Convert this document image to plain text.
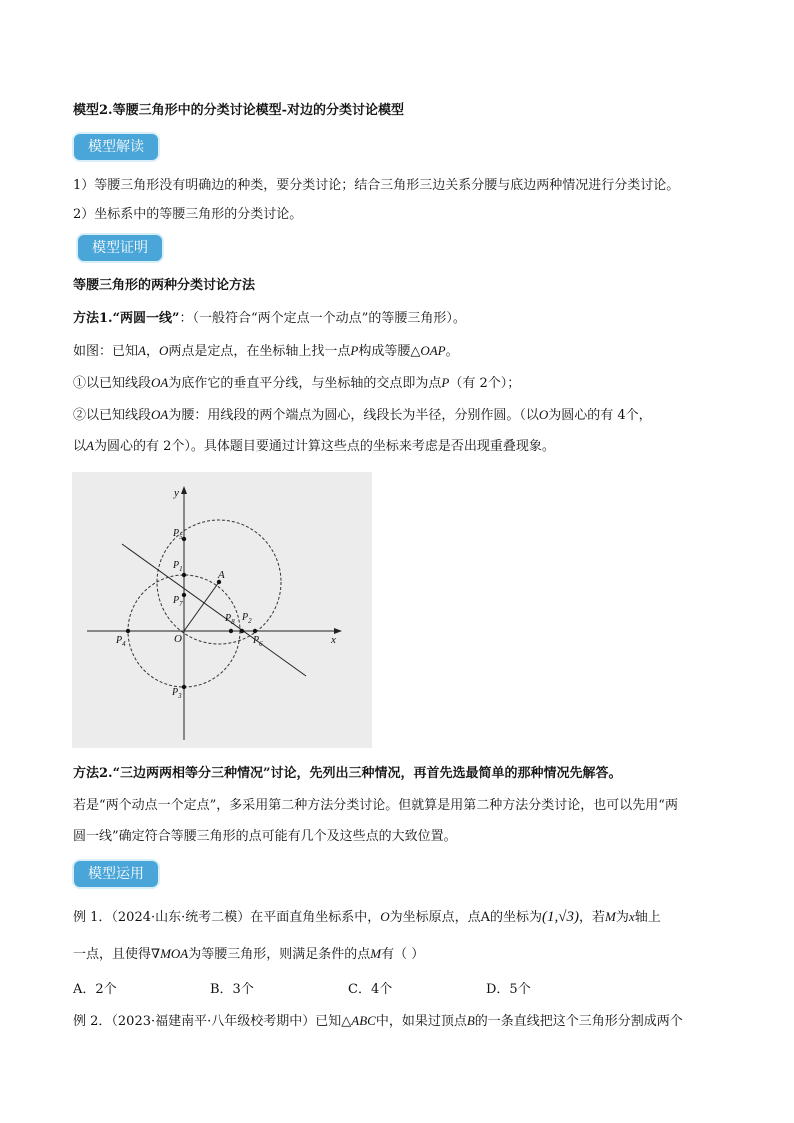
模型2.等腰三角形中的分类讨论模型-对边的分类讨论模型
模型解读
1）等腰三角形没有明确边的种类，要分类讨论；结合三角形三边关系分腰与底边两种情况进行分类讨论。
2）坐标系中的等腰三角形的分类讨论。
模型证明
等腰三角形的两种分类讨论方法
方法1.“两圆一线”：（一般符合“两个定点一个动点”的等腰三角形）。
如图：已知A，O两点是定点，在坐标轴上找一点P构成等腰△OAP。
①以已知线段OA为底作它的垂直平分线，与坐标轴的交点即为点P（有 2个）；
②以已知线段OA为腰：用线段的两个端点为圆心，线段长为半径，分别作圆。（以O为圆心的有 4个，
以A为圆心的有 2个）。具体题目要通过计算这些点的坐标来考虑是否出现重叠现象。
y
x
O
A
$P_5$
$P_1$
$P_7$
$P_4$
$P_8$ $P_2$
$P_6$
$P_3$
方法2.“三边两两相等分三种情况”讨论，先列出三种情况，再首先选最简单的那种情况先解答。
若是“两个动点一个定点”，多采用第二种方法分类讨论。但就算是用第二种方法分类讨论，也可以先用“两
圆一线”确定符合等腰三角形的点可能有几个及这些点的大致位置。
模型运用
例 1．（2024·山东·统考二模）在平面直角坐标系中，O为坐标原点，点A的坐标为(1,√3)，若M为x轴上
一点，且使得∇MOA为等腰三角形，则满足条件的点M有（ ）
A．2个	B．3个	C．4个	D．5个
例 2．（2023·福建南平·八年级校考期中）已知△ABC中，如果过顶点B的一条直线把这个三角形分割成两个
